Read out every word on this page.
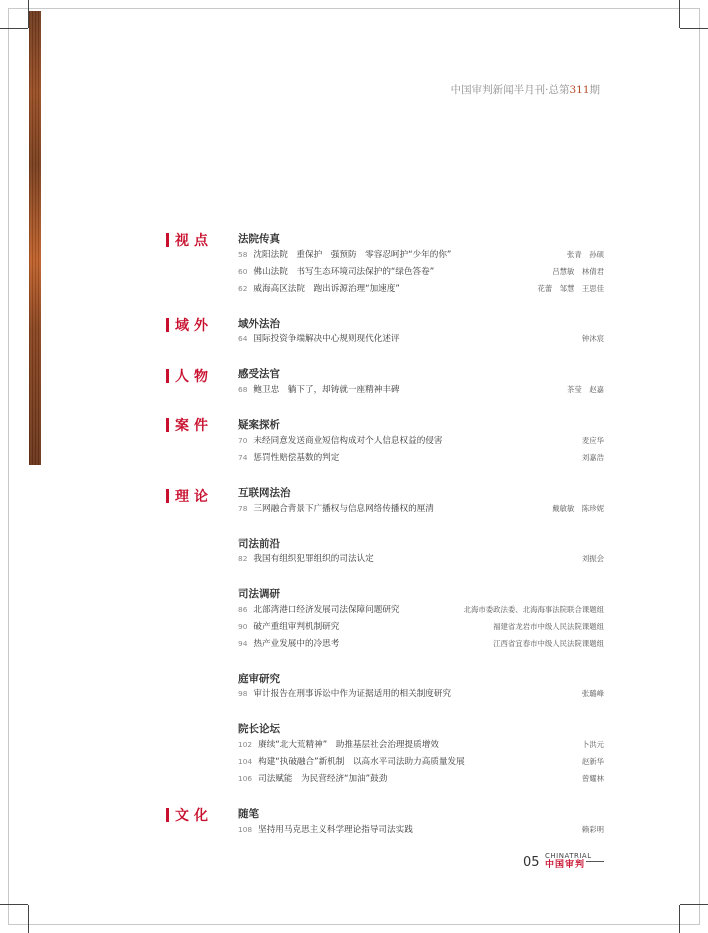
中国审判新闻半月刊·总第311期
视点 法院传真
58 沈阳法院　重保护　强预防　零容忍呵护“少年的你”	张青　孙硕
60 佛山法院　书写生态环境司法保护的“绿色答卷”	吕慧敏　林倩君
62 威海高区法院　跑出诉源治理“加速度”	花蕾　邹慧　王思佳
域外 域外法治
64 国际投资争端解决中心规则现代化述评	钟沐宸
人物 感受法官
68 鲍卫忠　躺下了，却铸就一座精神丰碑	茶莹　赵嘉
案件 疑案探析
70 未经同意发送商业短信构成对个人信息权益的侵害	麦应华
74 惩罚性赔偿基数的判定	刘嘉浩
理论 互联网法治
78 三网融合背景下广播权与信息网络传播权的厘清	戴敏敏　陈珍妮
司法前沿
82 我国有组织犯罪组织的司法认定	刘振会
司法调研
86 北部湾港口经济发展司法保障问题研究	北海市委政法委、北海海事法院联合课题组
90 破产重组审判机制研究	福建省龙岩市中级人民法院课题组
94 热产业发展中的冷思考	江西省宜春市中级人民法院课题组
庭审研究
98 审计报告在刑事诉讼中作为证据适用的相关制度研究	张璐峰
院长论坛
102 赓续“北大荒精神”　助推基层社会治理提质增效	卜洪元
104 构建“执破融合”新机制　以高水平司法助力高质量发展	赵新华
106 司法赋能　为民营经济“加油”鼓劲	曾耀林
文化 随笔
108 坚持用马克思主义科学理论指导司法实践	赖彩明
05 CHINATRIAL
中国审判
